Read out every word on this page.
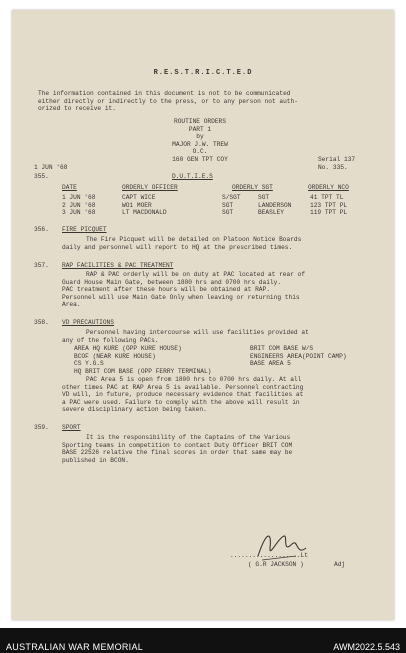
R.E.S.T.R.I.C.T.E.D
The information contained in this document is not to be communicated
either directly or indirectly to the press, or to any person not auth-
orized to receive it.
ROUTINE ORDERS
PART 1
by
MAJOR J.W. TREW
O.C.
160 GEN TPT COY
1 JUN '68
Serial 137
No. 335.
355.	D.U.T.I.E.S
DATE	ORDERLY OFFICER	ORDERLY SGT	ORDERLY NCO
1 JUN '68	CAPT WICE	S/SGT	SGT	41 TPT TL
2 JUN '68	WO1 MOER	SGT	LANDERSON	123 TPT PL
3 JUN '68	LT MACDONALD	SGT	BEASLEY	119 TPT PL
356. FIRE PICQUET
The Fire Picquet will be detailed on Platoon Notice Boards
daily and personnel will report to HQ at the prescribed times.
357. RAP FACILITIES & PAC TREATMENT
RAP & PAC orderly will be on duty at PAC located at rear of
Guard House Main Gate, between 1800 hrs and 0700 hrs daily.
PAC treatment after these hours will be obtained at RAP.
Personnel will use Main Gate Only when leaving or returning this
Area.
358. VD PRECAUTIONS
Personnel having intercourse will use facilities provided at
any of the following PACs.
AREA HQ KURE (OPP KURE HOUSE)
BCOF (NEAR KURE HOUSE)
CS Y.G.S
HQ BRIT COM BASE (OPP FERRY TERMINAL)
BRIT COM BASE W/S
ENGINEERS AREA(POINT CAMP)
BASE AREA 5
PAC Area 5 is open from 1800 hrs to 0700 hrs daily. At all
other times PAC at RAP Area 5 is available. Personnel contracting
VD will, in future, produce necessary evidence that facilities at
a PAC were used. Failure to comply with the above will result in
severe disciplinary action being taken.
359. SPORT
It is the responsibility of the Captains of the Various
Sporting teams in competition to contact Duty Officer BRIT COM
BASE 22526 relative the final scores in order that same may be
published in BCON.
...................Lt
( G.R JACKSON )	Adj
AUSTRALIAN WAR MEMORIAL	AWM2022.5.543
